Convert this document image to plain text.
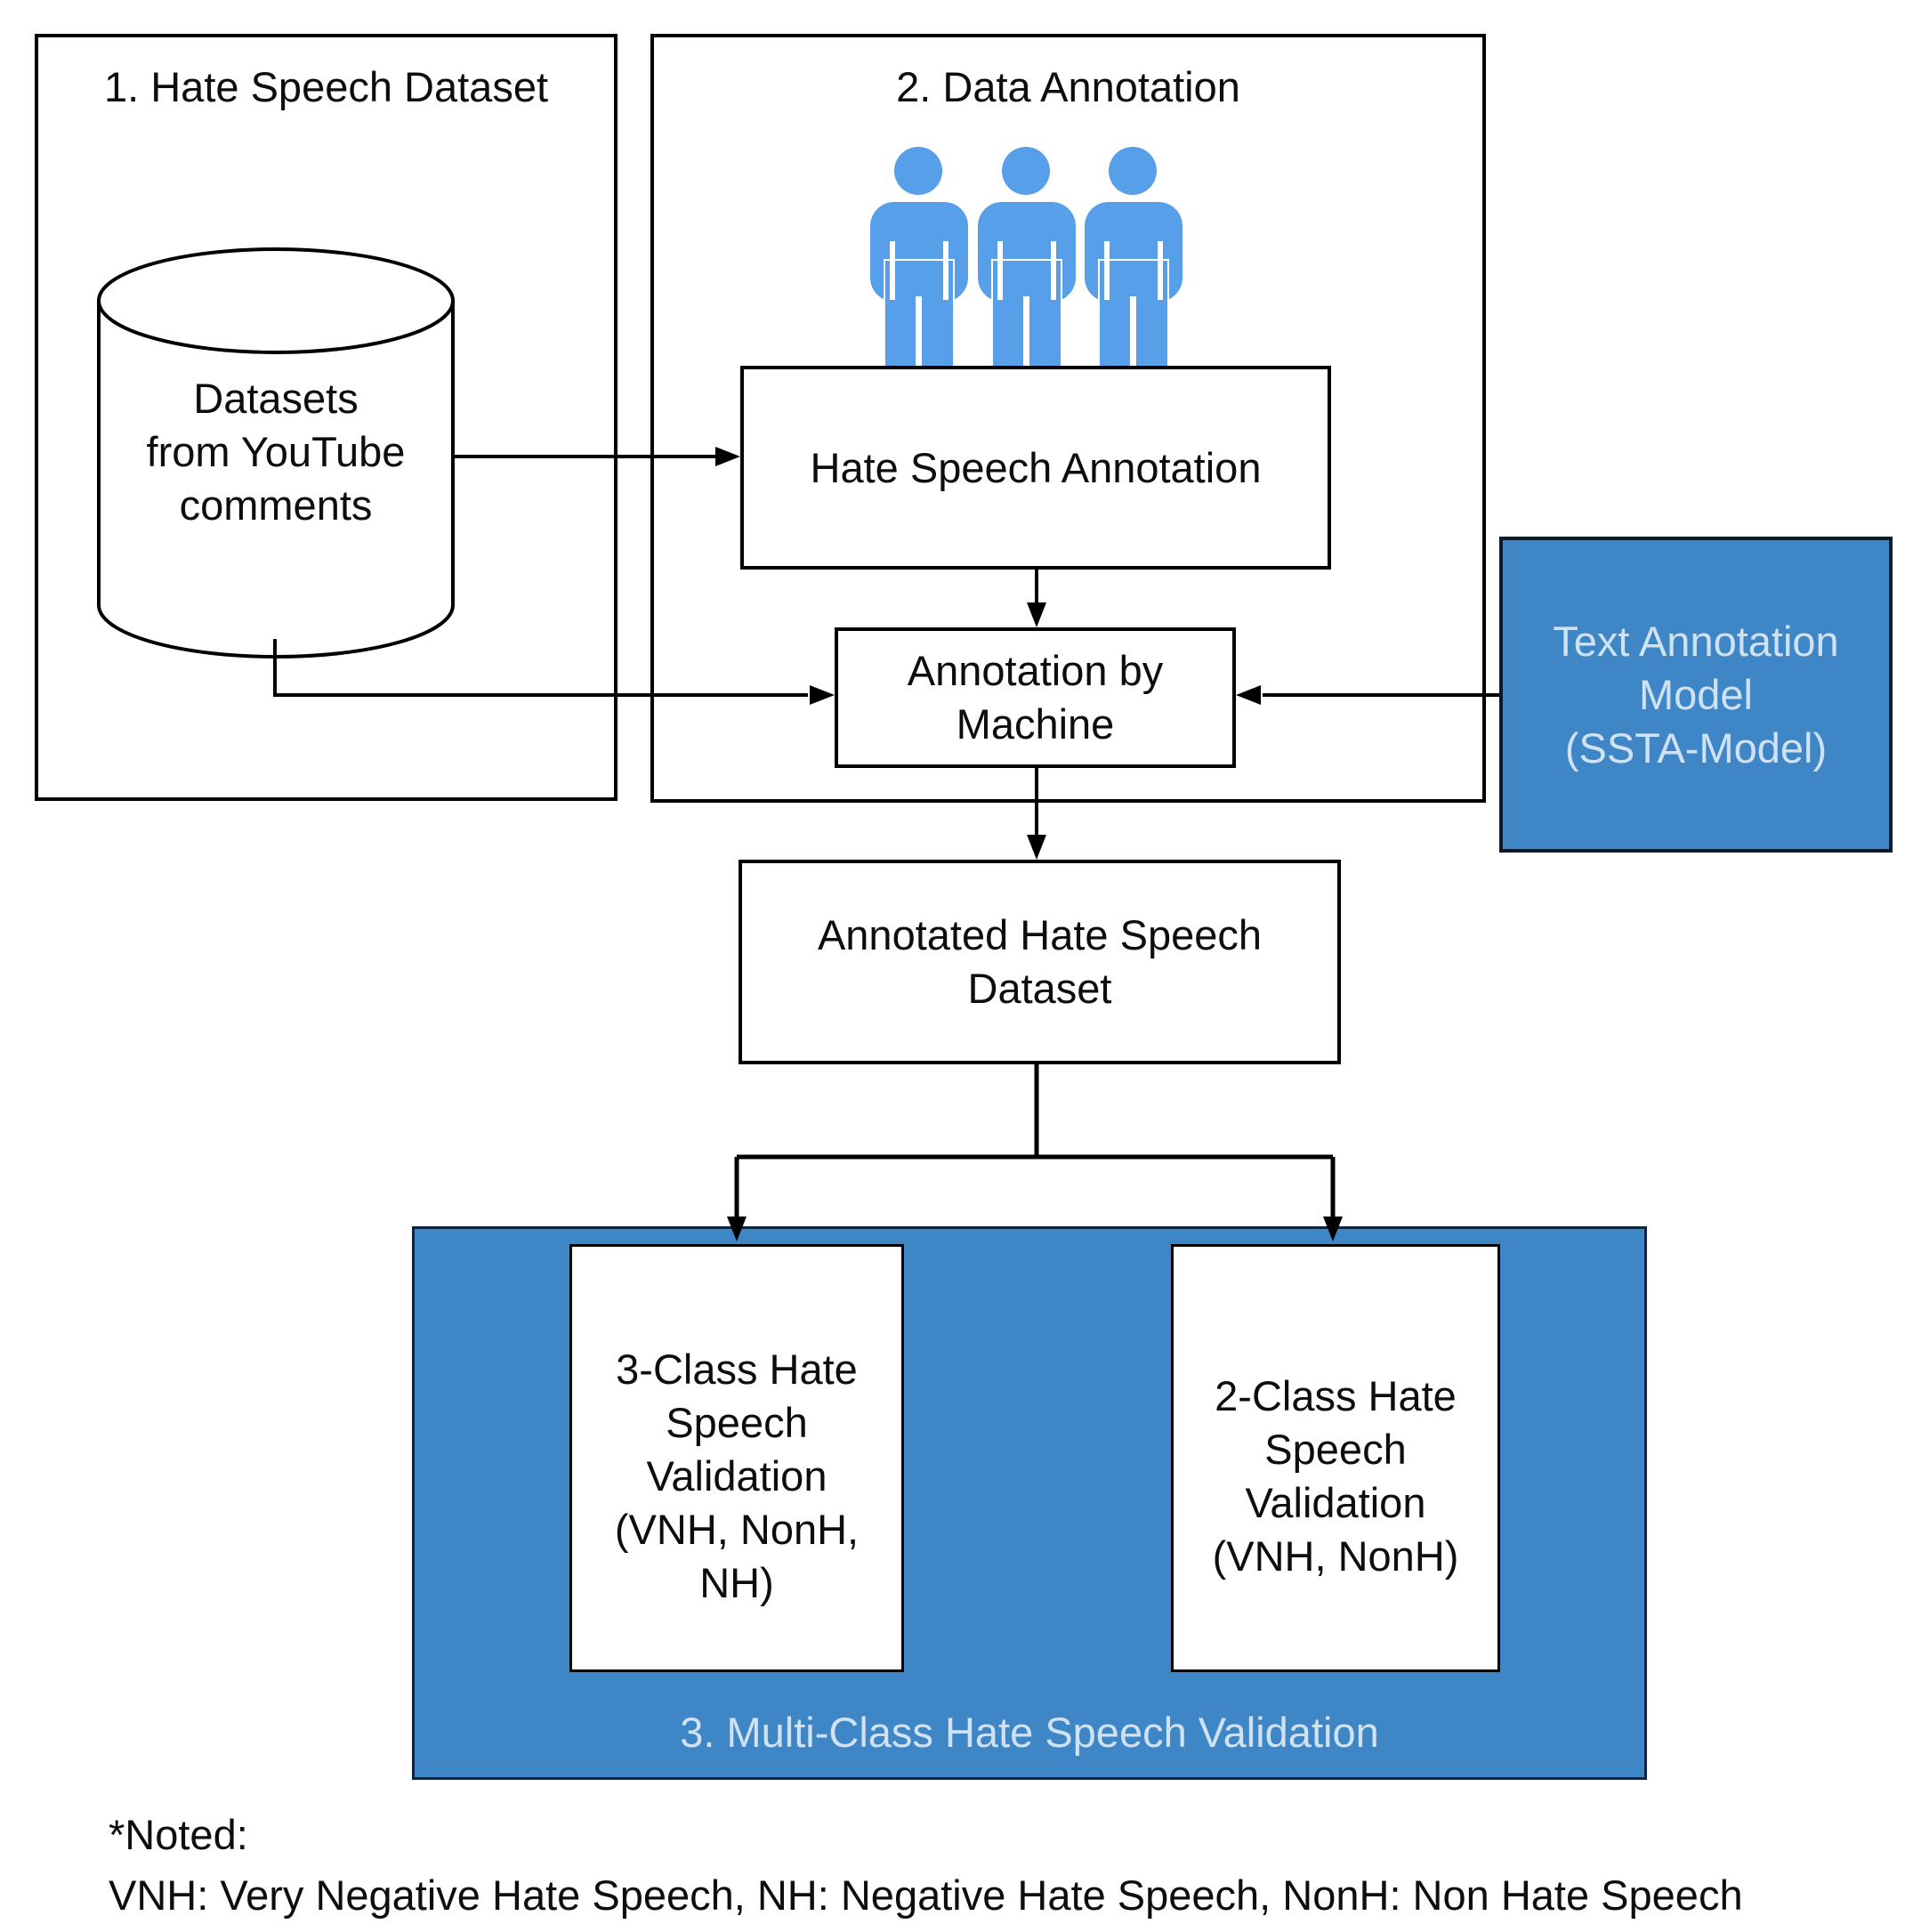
1. Hate Speech Dataset	2. Data Annotation
Datasets
from YouTube
comments
Hate Speech Annotation
Annotation by
Machine
Text Annotation
Model
(SSTA-Model)
Annotated Hate Speech
Dataset
3-Class Hate
Speech
Validation
(VNH, NonH,
NH)
2-Class Hate
Speech
Validation
(VNH, NonH)
3. Multi-Class Hate Speech Validation
*Noted:
VNH: Very Negative Hate Speech, NH: Negative Hate Speech, NonH: Non Hate Speech
